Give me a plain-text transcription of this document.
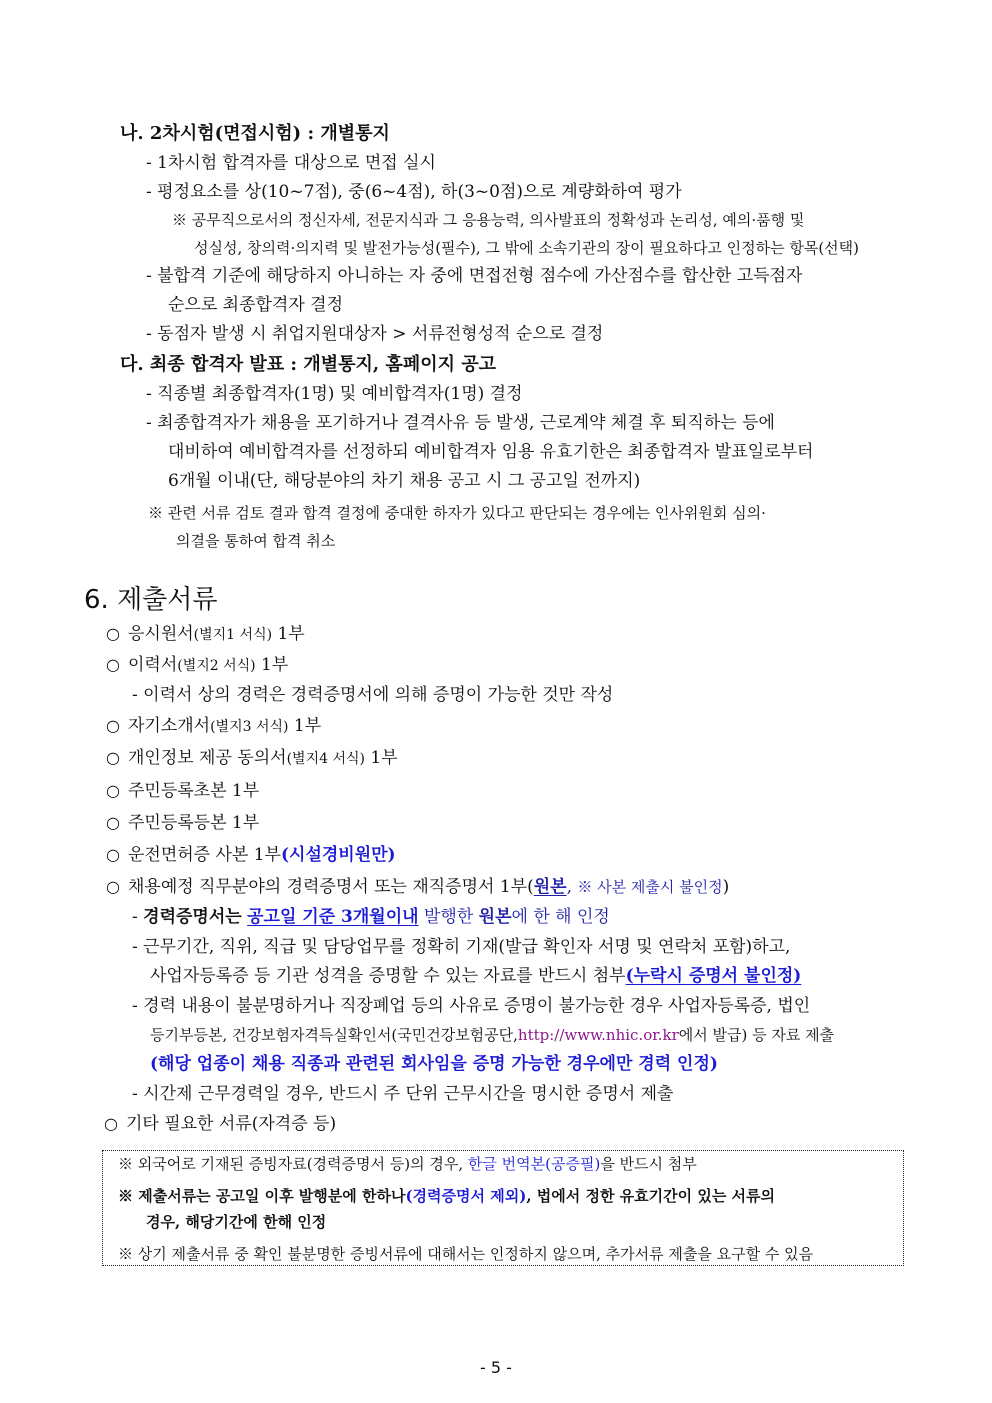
나. 2차시험(면접시험) : 개별통지
- 1차시험 합격자를 대상으로 면접 실시
- 평정요소를 상(10~7점), 중(6~4점), 하(3~0점)으로 계량화하여 평가
※ 공무직으로서의 정신자세, 전문지식과 그 응용능력, 의사발표의 정확성과 논리성, 예의·품행 및
성실성, 창의력·의지력 및 발전가능성(필수), 그 밖에 소속기관의 장이 필요하다고 인정하는 항목(선택)
- 불합격 기준에 해당하지 아니하는 자 중에 면접전형 점수에 가산점수를 합산한 고득점자
순으로 최종합격자 결정
- 동점자 발생 시 취업지원대상자 > 서류전형성적 순으로 결정
다. 최종 합격자 발표 : 개별통지, 홈페이지 공고
- 직종별 최종합격자(1명) 및 예비합격자(1명) 결정
- 최종합격자가 채용을 포기하거나 결격사유 등 발생, 근로계약 체결 후 퇴직하는 등에
대비하여 예비합격자를 선정하되 예비합격자 임용 유효기한은 최종합격자 발표일로부터
6개월 이내(단, 해당분야의 차기 채용 공고 시 그 공고일 전까지)
※ 관련 서류 검토 결과 합격 결정에 중대한 하자가 있다고 판단되는 경우에는 인사위원회 심의·
의결을 통하여 합격 취소
6. 제출서류
○ 응시원서(별지1 서식) 1부
○ 이력서(별지2 서식) 1부
- 이력서 상의 경력은 경력증명서에 의해 증명이 가능한 것만 작성
○ 자기소개서(별지3 서식) 1부
○ 개인정보 제공 동의서(별지4 서식) 1부
○ 주민등록초본 1부
○ 주민등록등본 1부
○ 운전면허증 사본 1부(시설경비원만)
○ 채용예정 직무분야의 경력증명서 또는 재직증명서 1부(원본, ※ 사본 제출시 불인정)
- 경력증명서는 공고일 기준 3개월이내 발행한 원본에 한 해 인정
- 근무기간, 직위, 직급 및 담당업무를 정확히 기재(발급 확인자 서명 및 연락처 포함)하고,
사업자등록증 등 기관 성격을 증명할 수 있는 자료를 반드시 첨부(누락시 증명서 불인정)
- 경력 내용이 불분명하거나 직장폐업 등의 사유로 증명이 불가능한 경우 사업자등록증, 법인
등기부등본, 건강보험자격득실확인서(국민건강보험공단,http://www.nhic.or.kr에서 발급) 등 자료 제출
(해당 업종이 채용 직종과 관련된 회사임을 증명 가능한 경우에만 경력 인정)
- 시간제 근무경력일 경우, 반드시 주 단위 근무시간을 명시한 증명서 제출
○ 기타 필요한 서류(자격증 등)
※ 외국어로 기재된 증빙자료(경력증명서 등)의 경우, 한글 번역본(공증필)을 반드시 첨부
※ 제출서류는 공고일 이후 발행분에 한하나(경력증명서 제외), 법에서 정한 유효기간이 있는 서류의
경우, 해당기간에 한해 인정
※ 상기 제출서류 중 확인 불분명한 증빙서류에 대해서는 인정하지 않으며, 추가서류 제출을 요구할 수 있음
- 5 -
